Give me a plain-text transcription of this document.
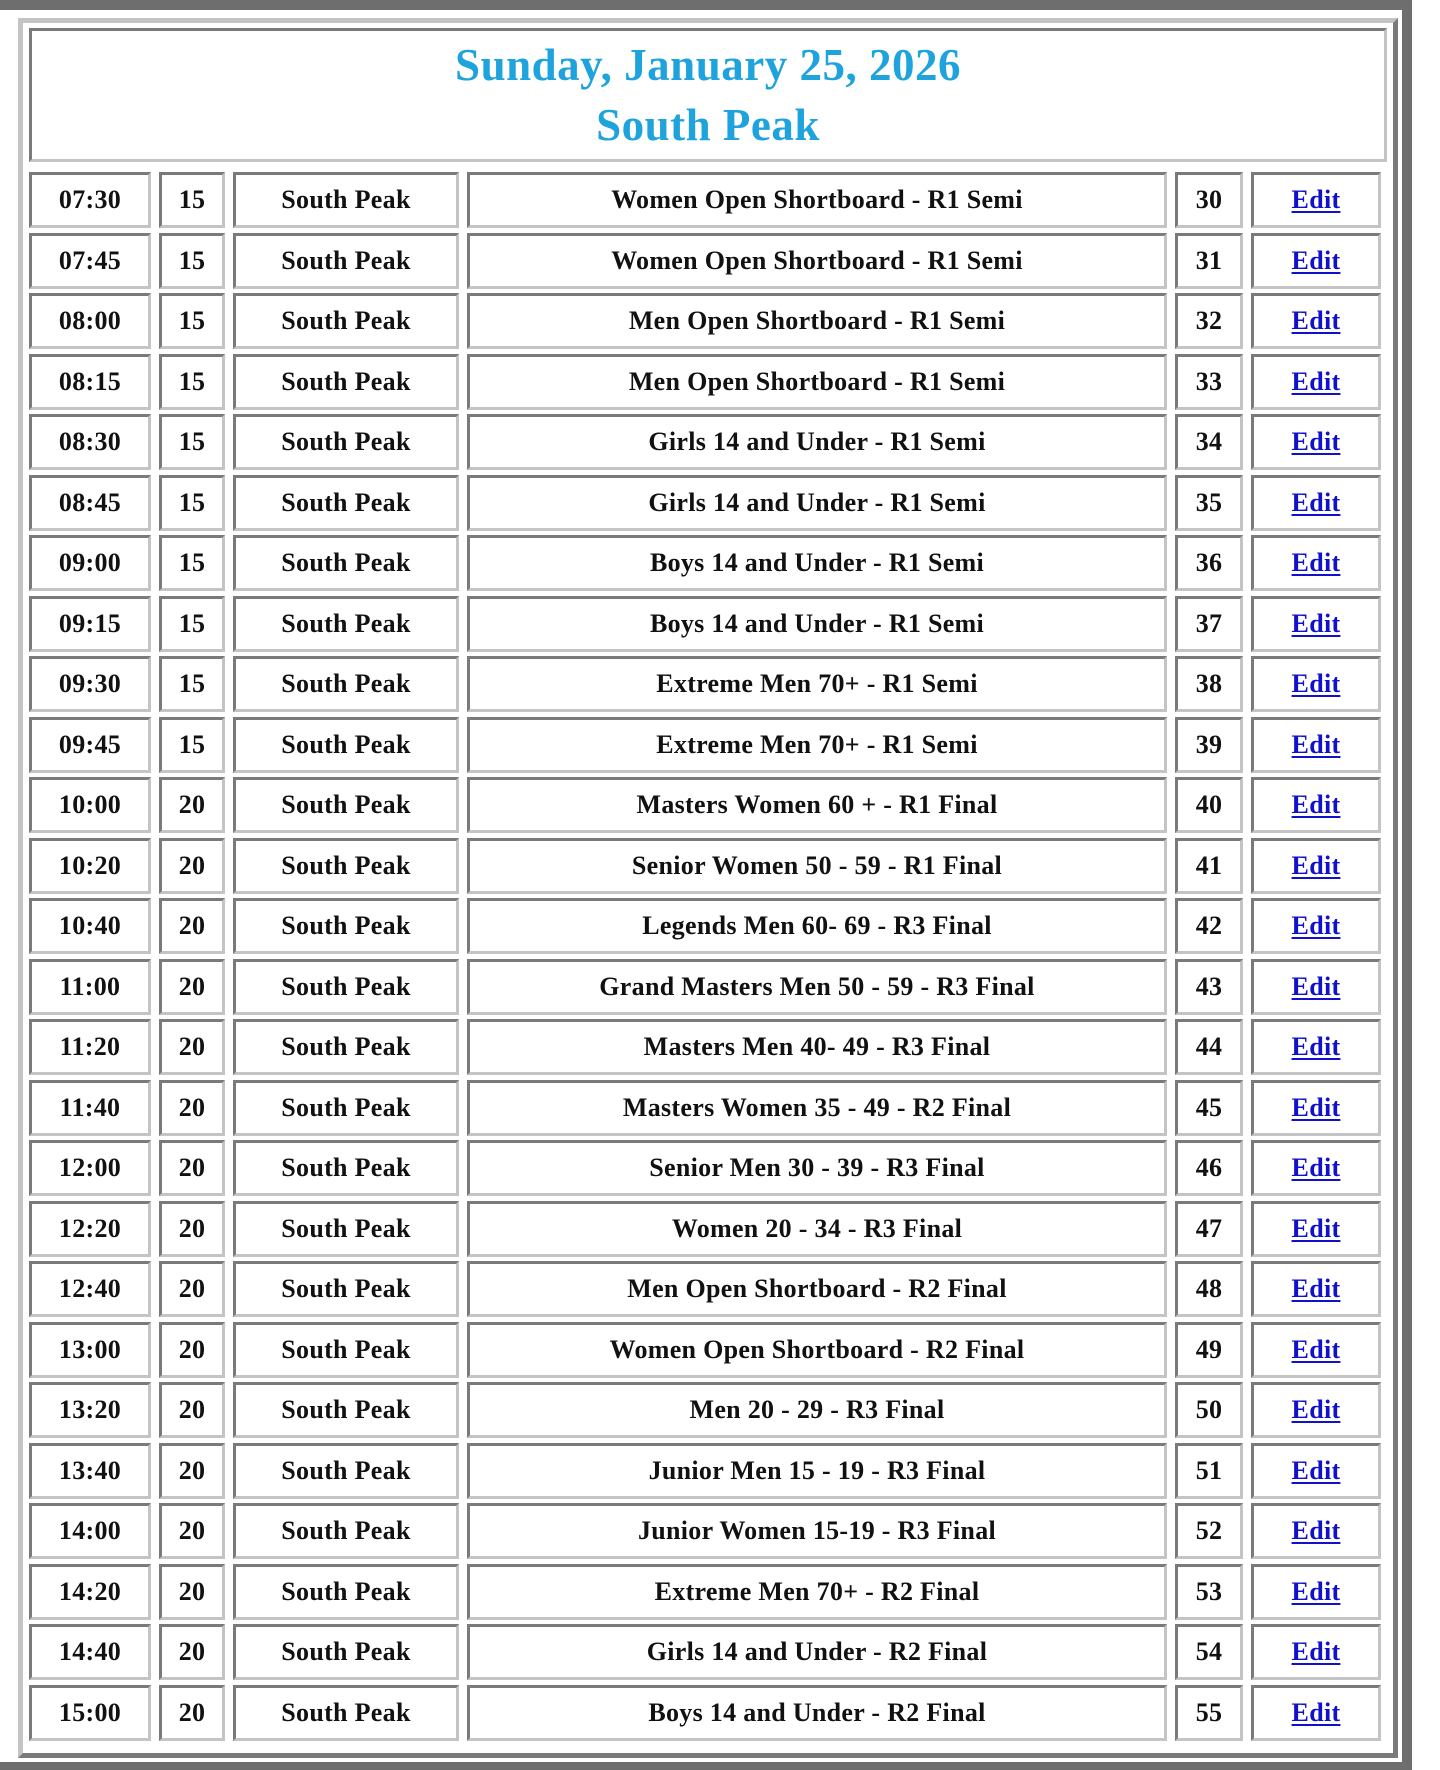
Sunday, January 25, 2026
South Peak
07:30	15	South Peak	Women Open Shortboard - R1 Semi	30	Edit
07:45	15	South Peak	Women Open Shortboard - R1 Semi	31	Edit
08:00	15	South Peak	Men Open Shortboard - R1 Semi	32	Edit
08:15	15	South Peak	Men Open Shortboard - R1 Semi	33	Edit
08:30	15	South Peak	Girls 14 and Under - R1 Semi	34	Edit
08:45	15	South Peak	Girls 14 and Under - R1 Semi	35	Edit
09:00	15	South Peak	Boys 14 and Under - R1 Semi	36	Edit
09:15	15	South Peak	Boys 14 and Under - R1 Semi	37	Edit
09:30	15	South Peak	Extreme Men 70+ - R1 Semi	38	Edit
09:45	15	South Peak	Extreme Men 70+ - R1 Semi	39	Edit
10:00	20	South Peak	Masters Women 60 + - R1 Final	40	Edit
10:20	20	South Peak	Senior Women 50 - 59 - R1 Final	41	Edit
10:40	20	South Peak	Legends Men 60- 69 - R3 Final	42	Edit
11:00	20	South Peak	Grand Masters Men 50 - 59 - R3 Final	43	Edit
11:20	20	South Peak	Masters Men 40- 49 - R3 Final	44	Edit
11:40	20	South Peak	Masters Women 35 - 49 - R2 Final	45	Edit
12:00	20	South Peak	Senior Men 30 - 39 - R3 Final	46	Edit
12:20	20	South Peak	Women 20 - 34 - R3 Final	47	Edit
12:40	20	South Peak	Men Open Shortboard - R2 Final	48	Edit
13:00	20	South Peak	Women Open Shortboard - R2 Final	49	Edit
13:20	20	South Peak	Men 20 - 29 - R3 Final	50	Edit
13:40	20	South Peak	Junior Men 15 - 19 - R3 Final	51	Edit
14:00	20	South Peak	Junior Women 15-19 - R3 Final	52	Edit
14:20	20	South Peak	Extreme Men 70+ - R2 Final	53	Edit
14:40	20	South Peak	Girls 14 and Under - R2 Final	54	Edit
15:00	20	South Peak	Boys 14 and Under - R2 Final	55	Edit
